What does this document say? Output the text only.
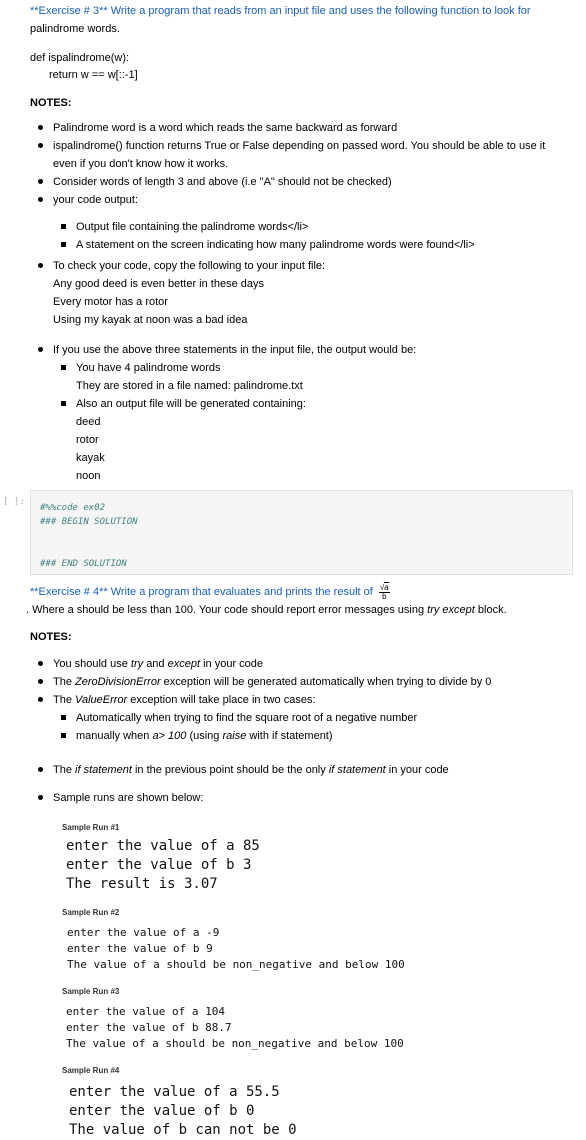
**Exercise # 3** Write a program that reads from an input file and uses the following function to look for
palindrome words.
def ispalindrome(w):
return w == w[::-1]
NOTES:
Palindrome word is a word which reads the same backward as forward
ispalindrome() function returns True or False depending on passed word. You should be able to use it
even if you don't know how it works.
Consider words of length 3 and above (i.e "A" should not be checked)
your code output:
Output file containing the palindrome words</li>
A statement on the screen indicating how many palindrome words were found</li>
To check your code, copy the following to your input file:
Any good deed is even better in these days
Every motor has a rotor
Using my kayak at noon was a bad idea
If you use the above three statements in the input file, the output would be:
You have 4 palindrome words
They are stored in a file named: palindrome.txt
Also an output file will be generated containing:
deed
rotor
kayak
noon
[ ]:
#%%code ex02
### BEGIN SOLUTION

### END SOLUTION
**Exercise # 4** Write a program that evaluates and prints the result of $\frac{√a}{b}$
. Where a should be less than 100. Your code should report error messages using try except block.
NOTES:
You should use try and except in your code
The ZeroDivisionError exception will be generated automatically when trying to divide by 0
The ValueError exception will take place in two cases:
Automatically when trying to find the square root of a negative number
manually when a> 100 (using raise with if statement)
The if statement in the previous point should be the only if statement in your code
Sample runs are shown below:
Sample Run #1
enter the value of a 85
enter the value of b 3
The result is 3.07
Sample Run #2
enter the value of a -9
enter the value of b 9
The value of a should be non_negative and below 100
Sample Run #3
enter the value of a 104
enter the value of b 88.7
The value of a should be non_negative and below 100
Sample Run #4
enter the value of a 55.5
enter the value of b 0
The value of b can not be 0
